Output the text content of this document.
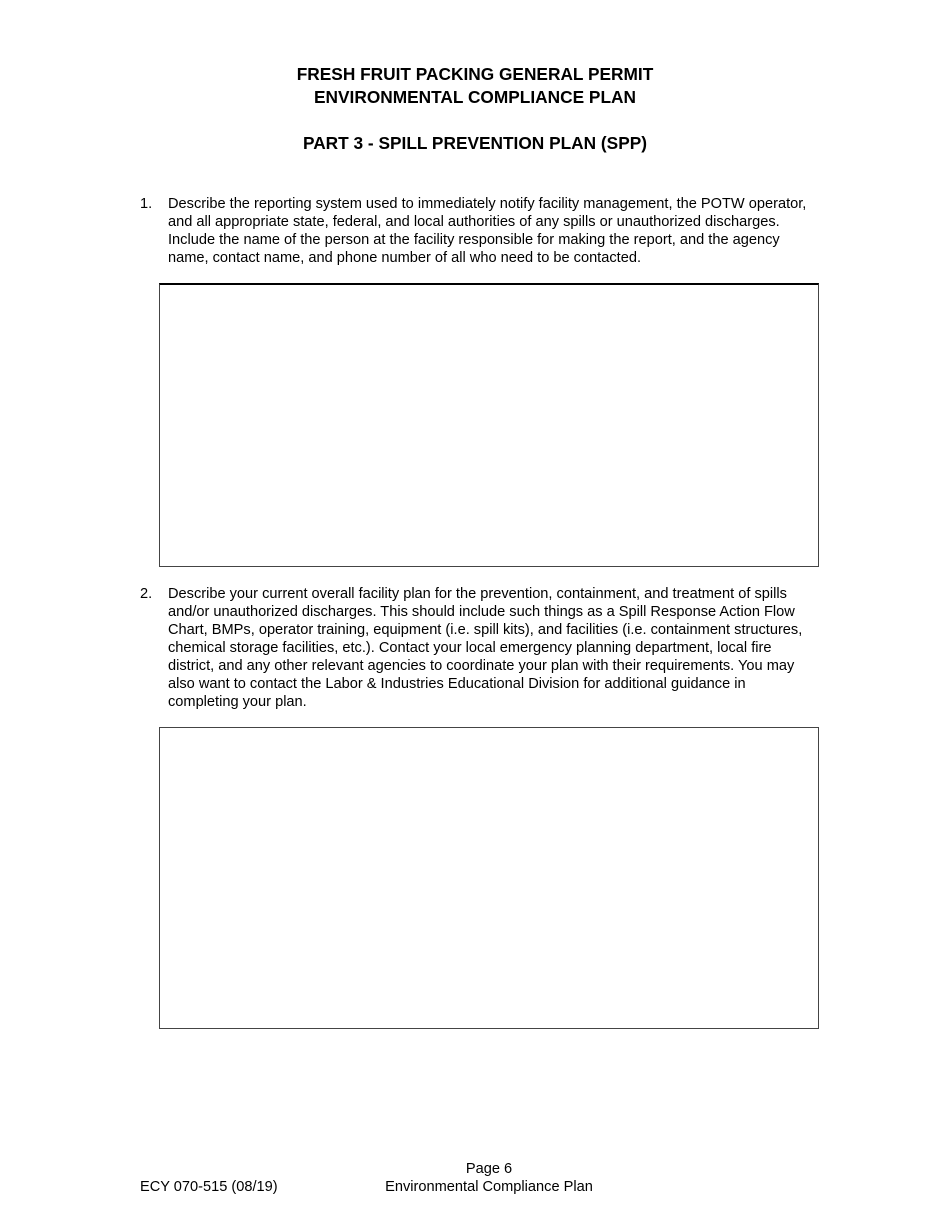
FRESH FRUIT PACKING GENERAL PERMIT
ENVIRONMENTAL COMPLIANCE PLAN
PART 3 - SPILL PREVENTION PLAN (SPP)
1. Describe the reporting system used to immediately notify facility management, the POTW operator, and all appropriate state, federal, and local authorities of any spills or unauthorized discharges. Include the name of the person at the facility responsible for making the report, and the agency name, contact name, and phone number of all who need to be contacted.
2. Describe your current overall facility plan for the prevention, containment, and treatment of spills and/or unauthorized discharges. This should include such things as a Spill Response Action Flow Chart, BMPs, operator training, equipment (i.e. spill kits), and facilities (i.e. containment structures, chemical storage facilities, etc.). Contact your local emergency planning department, local fire district, and any other relevant agencies to coordinate your plan with their requirements. You may also want to contact the Labor & Industries Educational Division for additional guidance in completing your plan.
Page 6
ECY 070-515 (08/19)	Environmental Compliance Plan
